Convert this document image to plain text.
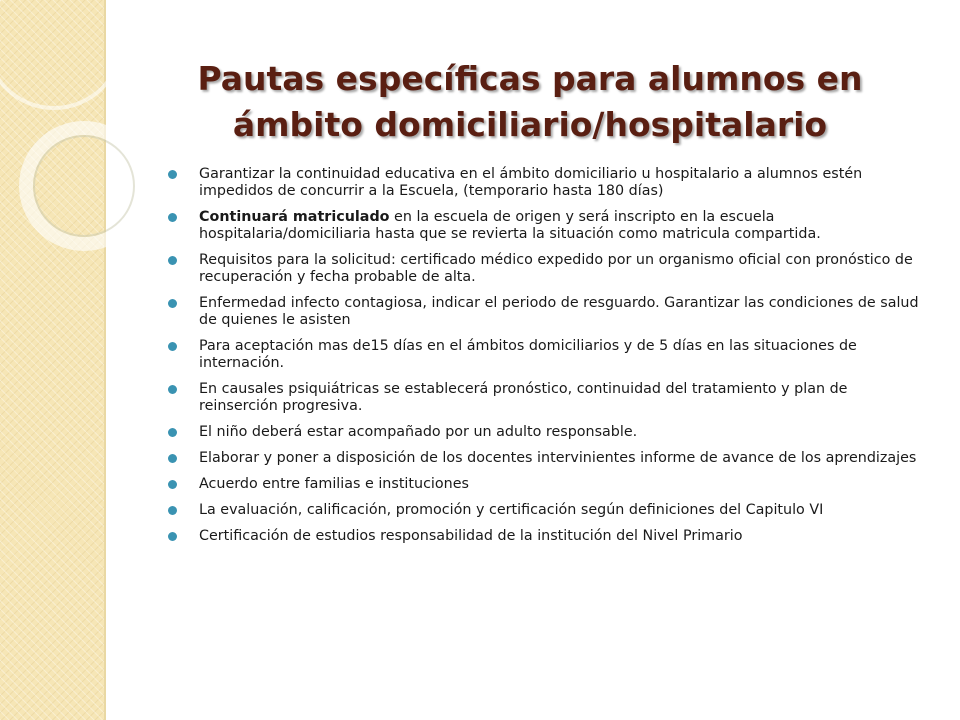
Pautas específicas para alumnos en
ámbito domiciliario/hospitalario
Garantizar la continuidad educativa en el ámbito domiciliario u hospitalario a alumnos estén impedidos de concurrir a la Escuela, (temporario hasta 180 días)
Continuará matriculado en la escuela de origen y será inscripto en la escuela hospitalaria/domiciliaria hasta que se revierta la situación como matricula compartida.
Requisitos para la solicitud: certificado médico expedido por un organismo oficial con pronóstico de recuperación y fecha probable de alta.
Enfermedad infecto contagiosa, indicar el periodo de resguardo. Garantizar las condiciones de salud de quienes le asisten
Para aceptación mas de15 días en el ámbitos domiciliarios y de 5 días en las situaciones de internación.
En causales psiquiátricas se establecerá pronóstico, continuidad del tratamiento y plan de reinserción progresiva.
El niño deberá estar acompañado por un adulto responsable.
Elaborar y poner a disposición de los docentes intervinientes informe de avance de los aprendizajes
Acuerdo entre familias e instituciones
La evaluación, calificación, promoción y certificación según definiciones del Capitulo VI
Certificación de estudios responsabilidad de la institución del Nivel Primario
